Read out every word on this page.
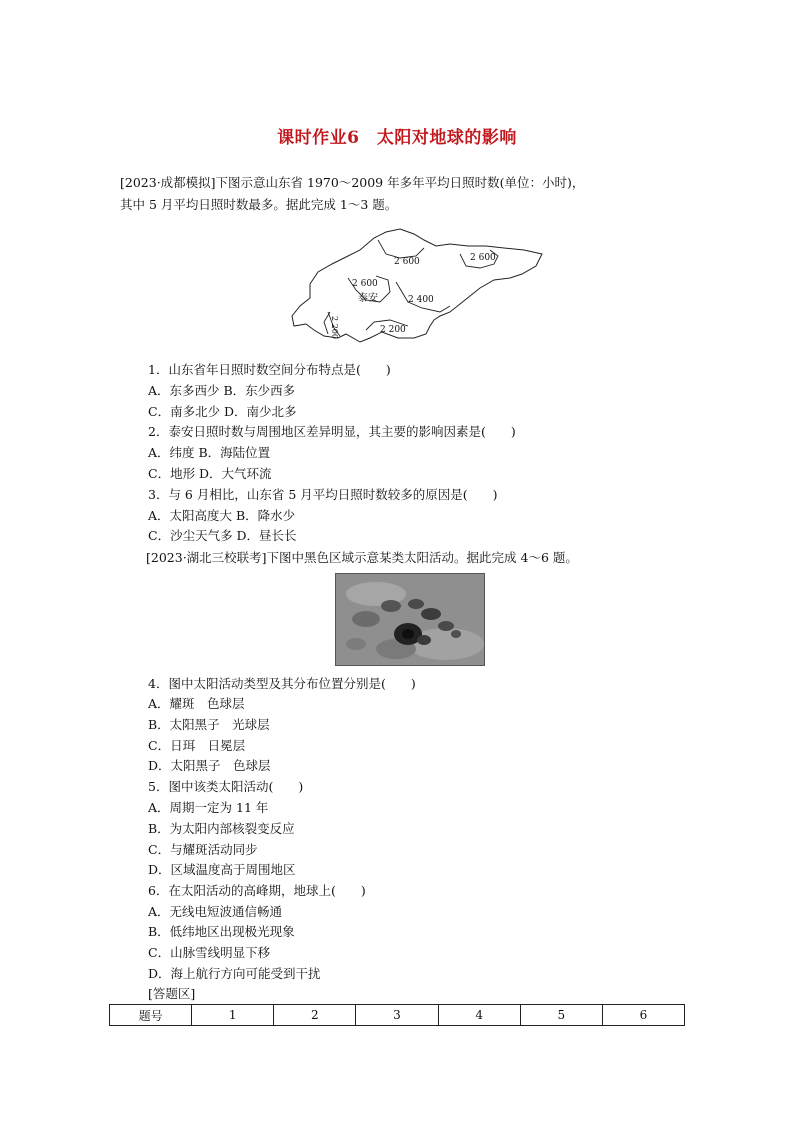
课时作业6　太阳对地球的影响
[2023·成都模拟]下图示意山东省 1970～2009 年多年平均日照时数(单位：小时)，
其中 5 月平均日照时数最多。据此完成 1～3 题。
2 600	2 600
2 600
泰安	2 400
2 200	2 200
1．山东省年日照时数空间分布特点是(　　)
A．东多西少 B．东少西多
C．南多北少 D．南少北多
2．泰安日照时数与周围地区差异明显，其主要的影响因素是(　　)
A．纬度 B．海陆位置
C．地形 D．大气环流
3．与 6 月相比，山东省 5 月平均日照时数较多的原因是(　　)
A．太阳高度大 B．降水少
C．沙尘天气多 D．昼长长
[2023·湖北三校联考]下图中黑色区域示意某类太阳活动。据此完成 4～6 题。
4．图中太阳活动类型及其分布位置分别是(　　)
A．耀斑　色球层
B．太阳黑子　光球层
C．日珥　日冕层
D．太阳黑子　色球层
5．图中该类太阳活动(　　)
A．周期一定为 11 年
B．为太阳内部核裂变反应
C．与耀斑活动同步
D．区域温度高于周围地区
6．在太阳活动的高峰期，地球上(　　)
A．无线电短波通信畅通
B．低纬地区出现极光现象
C．山脉雪线明显下移
D．海上航行方向可能受到干扰
[答题区]
题号	1	2	3	4	5	6
